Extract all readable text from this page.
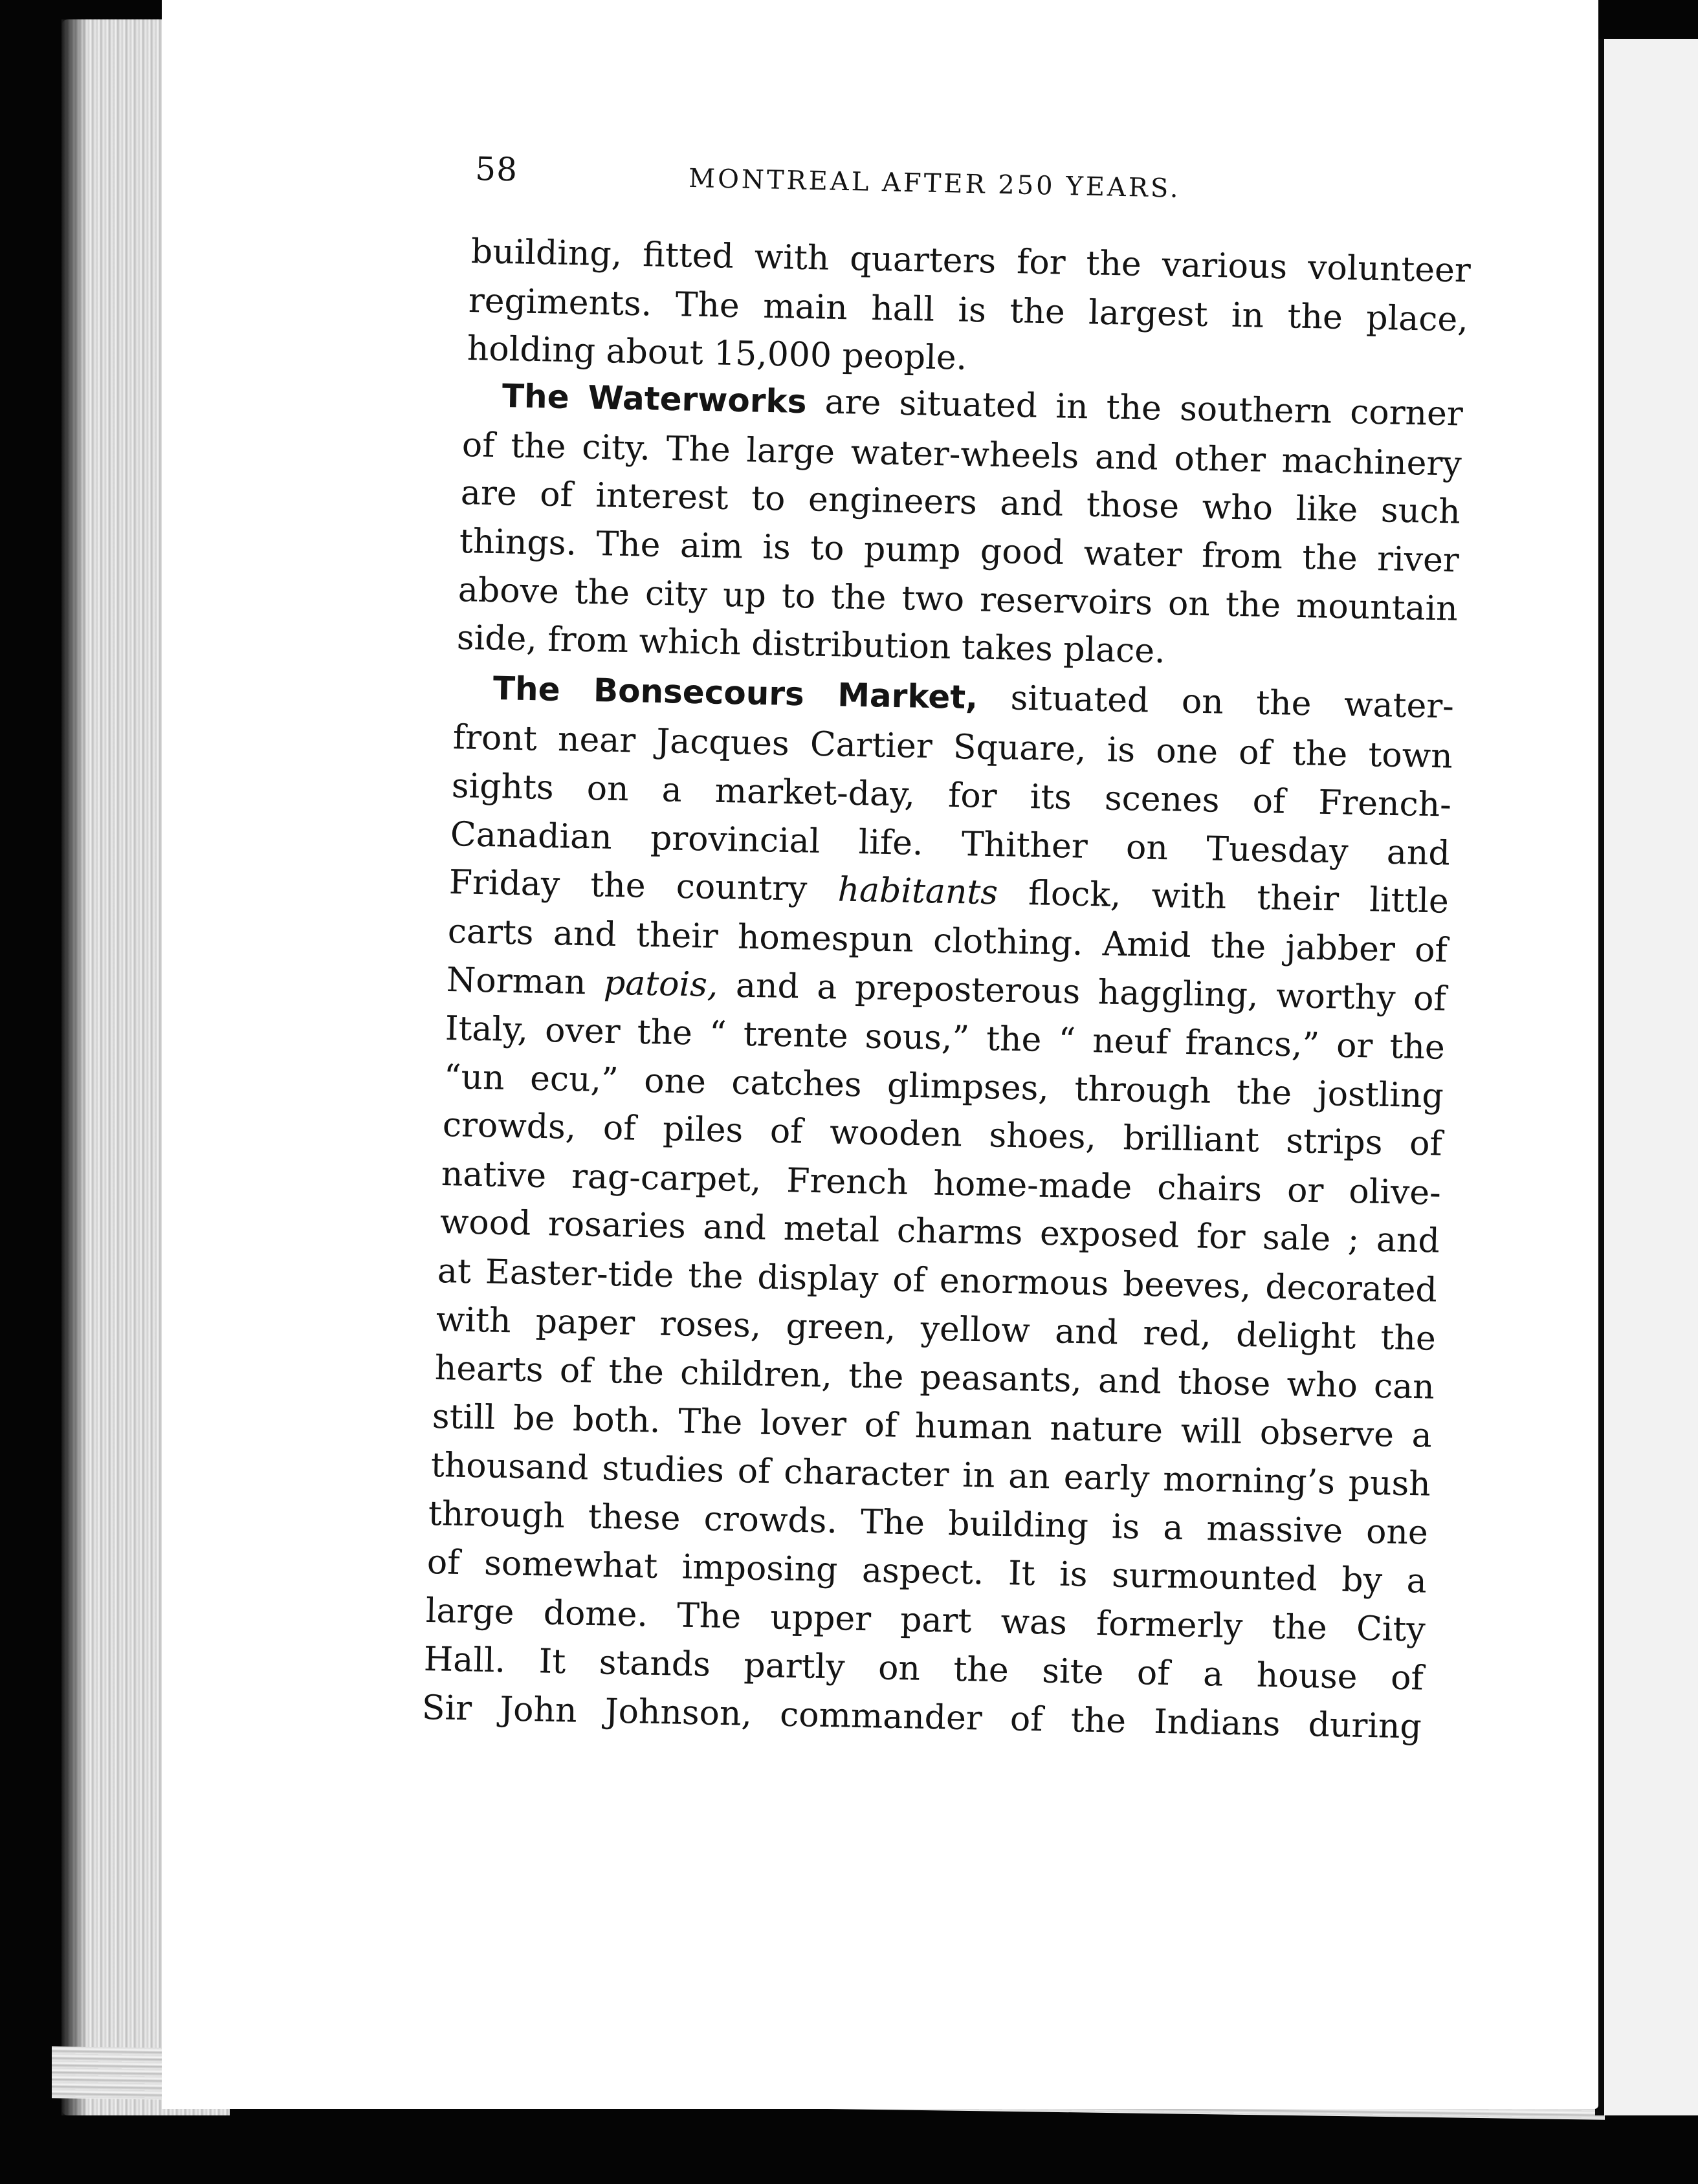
58	MONTREAL AFTER 250 YEARS.
building, fitted with quarters for the various volunteer
regiments. The main hall is the largest in the place,
holding about 15,000 people.
The Waterworks are situated in the southern corner
of the city. The large water-wheels and other machinery
are of interest to engineers and those who like such
things. The aim is to pump good water from the river
above the city up to the two reservoirs on the mountain
side, from which distribution takes place.
The Bonsecours Market, situated on the water-
front near Jacques Cartier Square, is one of the town
sights on a market-day, for its scenes of French-
Canadian provincial life. Thither on Tuesday and
Friday the country habitants flock, with their little
carts and their homespun clothing. Amid the jabber of
Norman patois, and a preposterous haggling, worthy of
Italy, over the “ trente sous,” the “ neuf francs,” or the
“un ecu,” one catches glimpses, through the jostling
crowds, of piles of wooden shoes, brilliant strips of
native rag-carpet, French home-made chairs or olive-
wood rosaries and metal charms exposed for sale ; and
at Easter-tide the display of enormous beeves, decorated
with paper roses, green, yellow and red, delight the
hearts of the children, the peasants, and those who can
still be both. The lover of human nature will observe a
thousand studies of character in an early morning’s push
through these crowds. The building is a massive one
of somewhat imposing aspect. It is surmounted by a
large dome. The upper part was formerly the City
Hall. It stands partly on the site of a house of
Sir John Johnson, commander of the Indians during
